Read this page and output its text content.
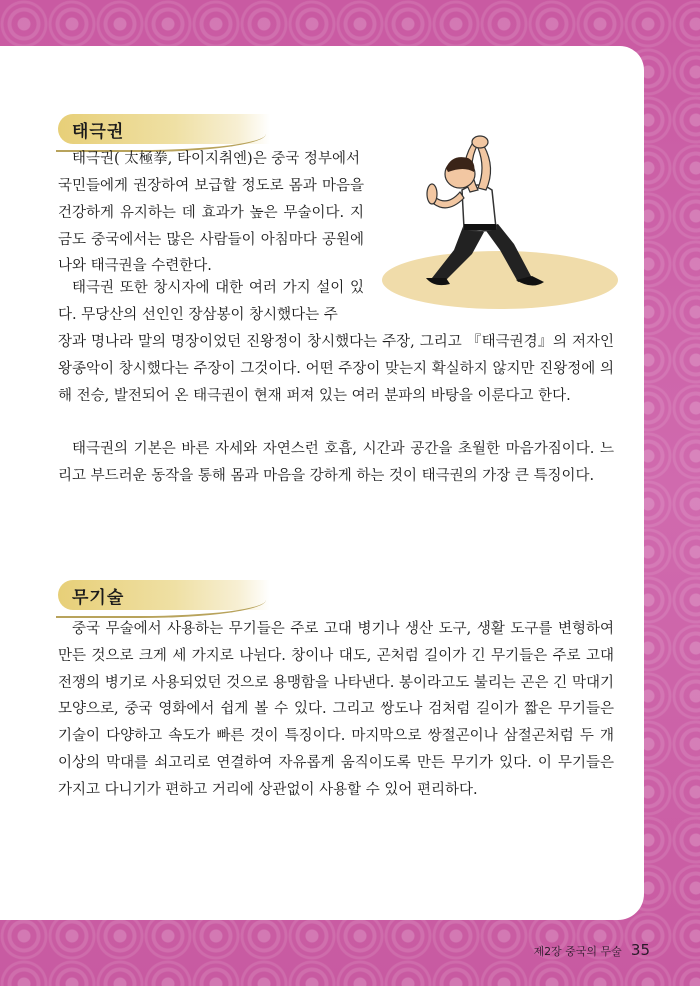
태극권

태극권( 太極拳, 타이지취엔)은 중국 정부에서

국민들에게 권장하여 보급할 정도로 몸과 마음을 건강하게 유지하는 데 효과가 높은 무술이다. 지금도 중국에서는 많은 사람들이 아침마다 공원에 나와 태극권을 수련한다.

태극권 또한 창시자에 대한 여러 가지 설이 있다. 무당산의 선인인 장삼봉이 창시했다는 주

장과 명나라 말의 명장이었던 진왕정이 창시했다는 주장, 그리고 『태극권경』의 저자인 왕종악이 창시했다는 주장이 그것이다. 어떤 주장이 맞는지 확실하지 않지만 진왕정에 의해 전승, 발전되어 온 태극권이 현재 퍼져 있는 여러 분파의 바탕을 이룬다고 한다.

태극권의 기본은 바른 자세와 자연스런 호흡, 시간과 공간을 초월한 마음가짐이다. 느리고 부드러운 동작을 통해 몸과 마음을 강하게 하는 것이 태극권의 가장 큰 특징이다.

무기술

중국 무술에서 사용하는 무기들은 주로 고대 병기나 생산 도구, 생활 도구를 변형하여 만든 것으로 크게 세 가지로 나뉜다. 창이나 대도, 곤처럼 길이가 긴 무기들은 주로 고대 전쟁의 병기로 사용되었던 것으로 용맹함을 나타낸다. 봉이라고도 불리는 곤은 긴 막대기 모양으로, 중국 영화에서 쉽게 볼 수 있다. 그리고 쌍도나 검처럼 길이가 짧은 무기들은 기술이 다양하고 속도가 빠른 것이 특징이다. 마지막으로 쌍절곤이나 삼절곤처럼 두 개 이상의 막대를 쇠고리로 연결하여 자유롭게 움직이도록 만든 무기가 있다. 이 무기들은 가지고 다니기가 편하고 거리에 상관없이 사용할 수 있어 편리하다.

제2장 중국의 무술 35
